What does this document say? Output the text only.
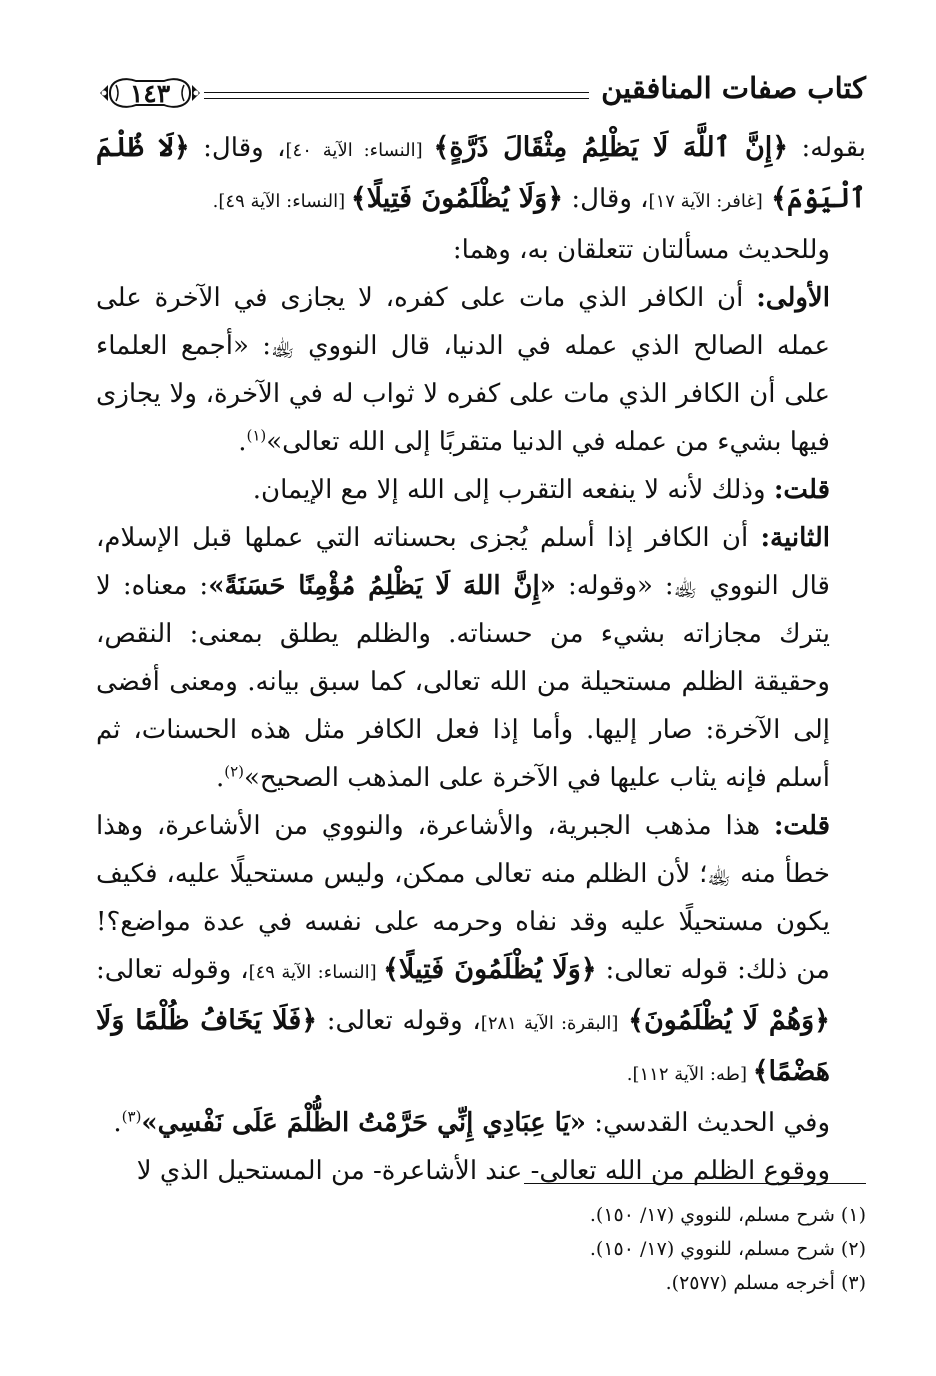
كتاب صفات المنافقين
١٤٣

بقوله: ﴿إِنَّ ٱللَّهَ لَا يَظْلِمُ مِثْقَالَ ذَرَّةٍ﴾ [النساء: الآية ٤٠]، وقال: ﴿لَا ظُلْمَ ٱلْيَوْمَ﴾ [غافر: الآية ١٧]، وقال: ﴿وَلَا يُظْلَمُونَ فَتِيلًا﴾ [النساء: الآية ٤٩].

وللحديث مسألتان تتعلقان به، وهما:

الأولى: أن الكافر الذي مات على كفره، لا يجازى في الآخرة على عمله الصالح الذي عمله في الدنيا، قال النووي ﵀: «أجمع العلماء على أن الكافر الذي مات على كفره لا ثواب له في الآخرة، ولا يجازى فيها بشيء من عمله في الدنيا متقربًا إلى الله تعالى»$^{(١)}$.

قلت: وذلك لأنه لا ينفعه التقرب إلى الله إلا مع الإيمان.

الثانية: أن الكافر إذا أسلم يُجزى بحسناته التي عملها قبل الإسلام، قال النووي ﵀: «وقوله: «إِنَّ اللهَ لَا يَظْلِمُ مُؤْمِنًا حَسَنَةً»: معناه: لا يترك مجازاته بشيء من حسناته. والظلم يطلق بمعنى: النقص، وحقيقة الظلم مستحيلة من الله تعالى، كما سبق بيانه. ومعنى أفضى إلى الآخرة: صار إليها. وأما إذا فعل الكافر مثل هذه الحسنات، ثم أسلم فإنه يثاب عليها في الآخرة على المذهب الصحيح»$^{(٢)}$.

قلت: هذا مذهب الجبرية، والأشاعرة، والنووي من الأشاعرة، وهذا خطأ منه ﵀؛ لأن الظلم منه تعالى ممكن، وليس مستحيلًا عليه، فكيف يكون مستحيلًا عليه وقد نفاه وحرمه على نفسه في عدة مواضع؟! من ذلك: قوله تعالى: ﴿وَلَا يُظْلَمُونَ فَتِيلًا﴾ [النساء: الآية ٤٩]، وقوله تعالى: ﴿وَهُمْ لَا يُظْلَمُونَ﴾ [البقرة: الآية ٢٨١]، وقوله تعالى: ﴿فَلَا يَخَافُ ظُلْمًا وَلَا هَضْمًا﴾ [طه: الآية ١١٢].

وفي الحديث القدسي: «يَا عِبَادِي إِنِّي حَرَّمْتُ الظُّلْمَ عَلَى نَفْسِي»$^{(٣)}$.

ووقوع الظلم من الله تعالى- عند الأشاعرة- من المستحيل الذي لا

(١) شرح مسلم، للنووي (١٧/ ١٥٠).
(٢) شرح مسلم، للنووي (١٧/ ١٥٠).
(٣) أخرجه مسلم (٢٥٧٧).
